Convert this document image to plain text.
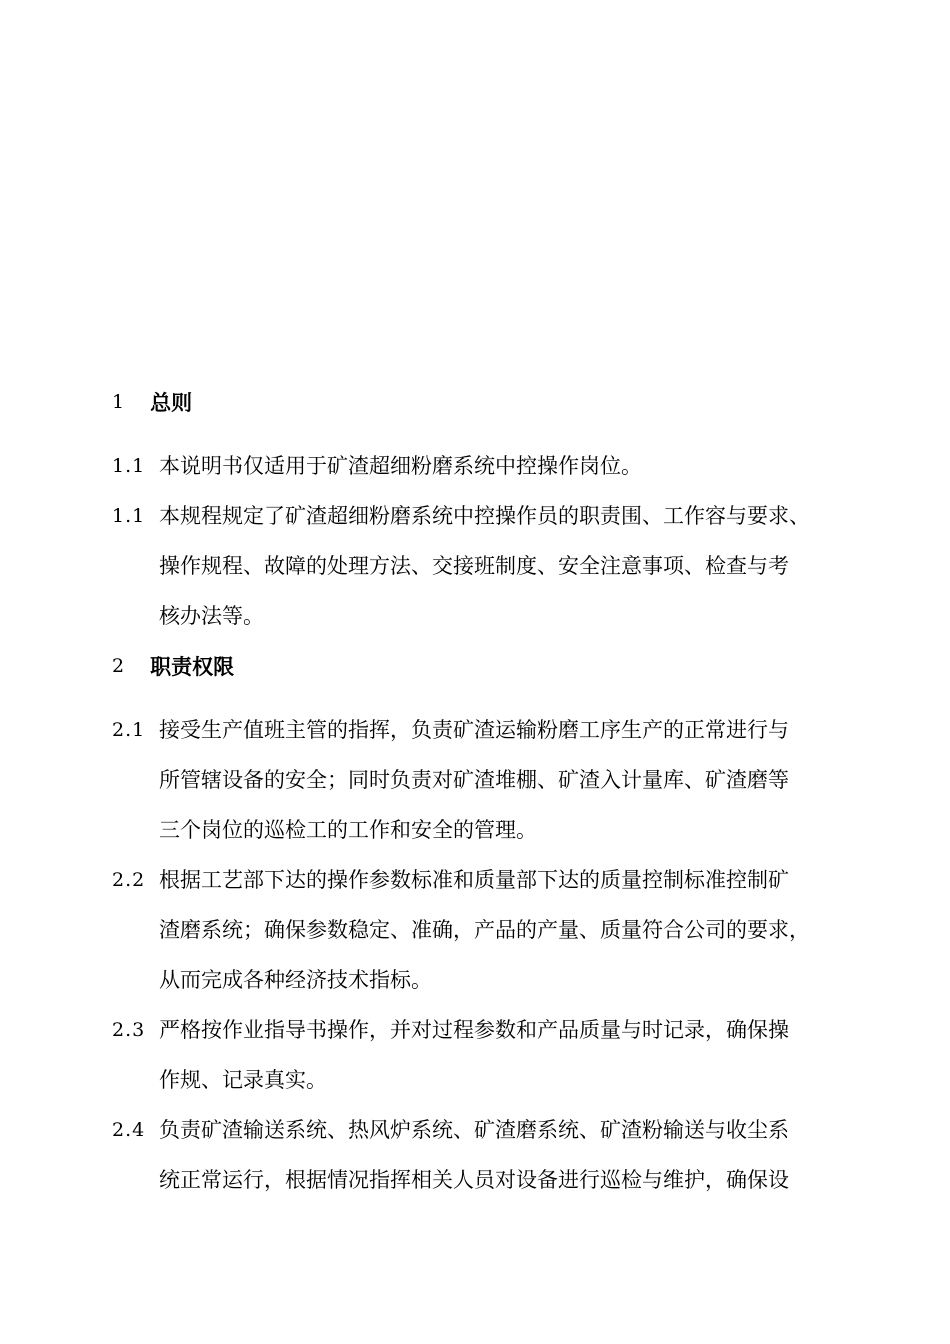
1 总则
1.1 本说明书仅适用于矿渣超细粉磨系统中控操作岗位。
1.1 本规程规定了矿渣超细粉磨系统中控操作员的职责围、工作容与要求、
操作规程、故障的处理方法、交接班制度、安全注意事项、检查与考
核办法等。
2 职责权限
2.1 接受生产值班主管的指挥，负责矿渣运输粉磨工序生产的正常进行与
所管辖设备的安全；同时负责对矿渣堆棚、矿渣入计量库、矿渣磨等
三个岗位的巡检工的工作和安全的管理。
2.2 根据工艺部下达的操作参数标准和质量部下达的质量控制标准控制矿
渣磨系统；确保参数稳定、准确，产品的产量、质量符合公司的要求，
从而完成各种经济技术指标。
2.3 严格按作业指导书操作，并对过程参数和产品质量与时记录，确保操
作规、记录真实。
2.4 负责矿渣输送系统、热风炉系统、矿渣磨系统、矿渣粉输送与收尘系
统正常运行，根据情况指挥相关人员对设备进行巡检与维护，确保设
